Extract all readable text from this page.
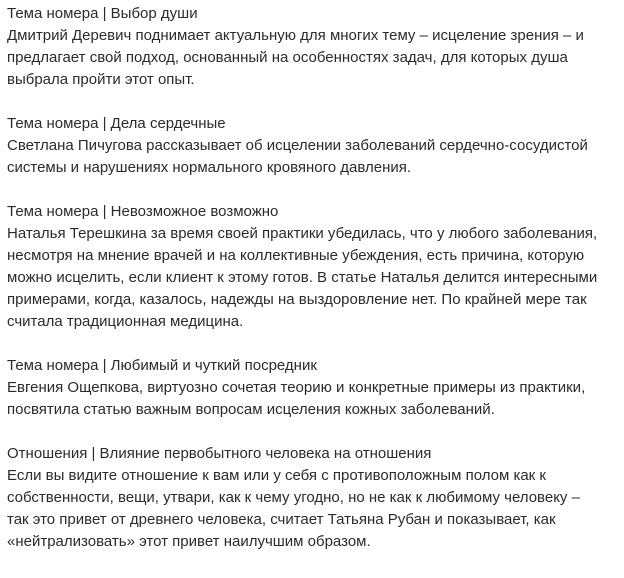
Тема номера | Выбор души
Дмитрий Деревич поднимает актуальную для многих тему – исцеление зрения – и
предлагает свой подход, основанный на особенностях задач, для которых душа
выбрала пройти этот опыт.
Тема номера | Дела сердечные
Светлана Пичугова рассказывает об исцелении заболеваний сердечно-сосудистой
системы и нарушениях нормального кровяного давления.
Тема номера | Невозможное возможно
Наталья Терешкина за время своей практики убедилась, что у любого заболевания,
несмотря на мнение врачей и на коллективные убеждения, есть причина, которую
можно исцелить, если клиент к этому готов. В статье Наталья делится интересными
примерами, когда, казалось, надежды на выздоровление нет. По крайней мере так
считала традиционная медицина.
Тема номера | Любимый и чуткий посредник
Евгения Ощепкова, виртуозно сочетая теорию и конкретные примеры из практики,
посвятила статью важным вопросам исцеления кожных заболеваний.
Отношения | Влияние первобытного человека на отношения
Если вы видите отношение к вам или у себя с противоположным полом как к
собственности, вещи, утвари, как к чему угодно, но не как к любимому человеку –
так это привет от древнего человека, считает Татьяна Рубан и показывает, как
«нейтрализовать» этот привет наилучшим образом.
